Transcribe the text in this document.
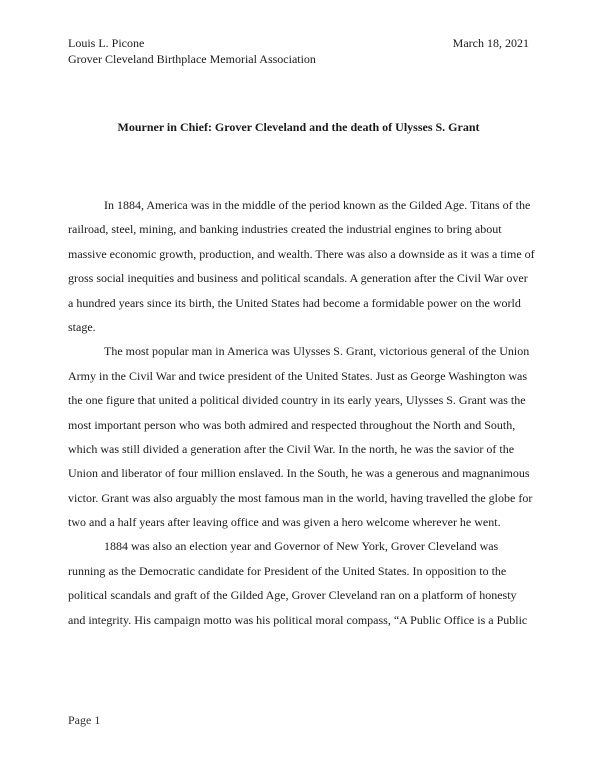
Louis L. Picone
Grover Cleveland Birthplace Memorial Association
March 18, 2021
Mourner in Chief: Grover Cleveland and the death of Ulysses S. Grant
In 1884, America was in the middle of the period known as the Gilded Age. Titans of the
railroad, steel, mining, and banking industries created the industrial engines to bring about
massive economic growth, production, and wealth. There was also a downside as it was a time of
gross social inequities and business and political scandals. A generation after the Civil War over
a hundred years since its birth, the United States had become a formidable power on the world
stage.
The most popular man in America was Ulysses S. Grant, victorious general of the Union
Army in the Civil War and twice president of the United States. Just as George Washington was
the one figure that united a political divided country in its early years, Ulysses S. Grant was the
most important person who was both admired and respected throughout the North and South,
which was still divided a generation after the Civil War. In the north, he was the savior of the
Union and liberator of four million enslaved. In the South, he was a generous and magnanimous
victor. Grant was also arguably the most famous man in the world, having travelled the globe for
two and a half years after leaving office and was given a hero welcome wherever he went.
1884 was also an election year and Governor of New York, Grover Cleveland was
running as the Democratic candidate for President of the United States. In opposition to the
political scandals and graft of the Gilded Age, Grover Cleveland ran on a platform of honesty
and integrity. His campaign motto was his political moral compass, “A Public Office is a Public
Page 1
